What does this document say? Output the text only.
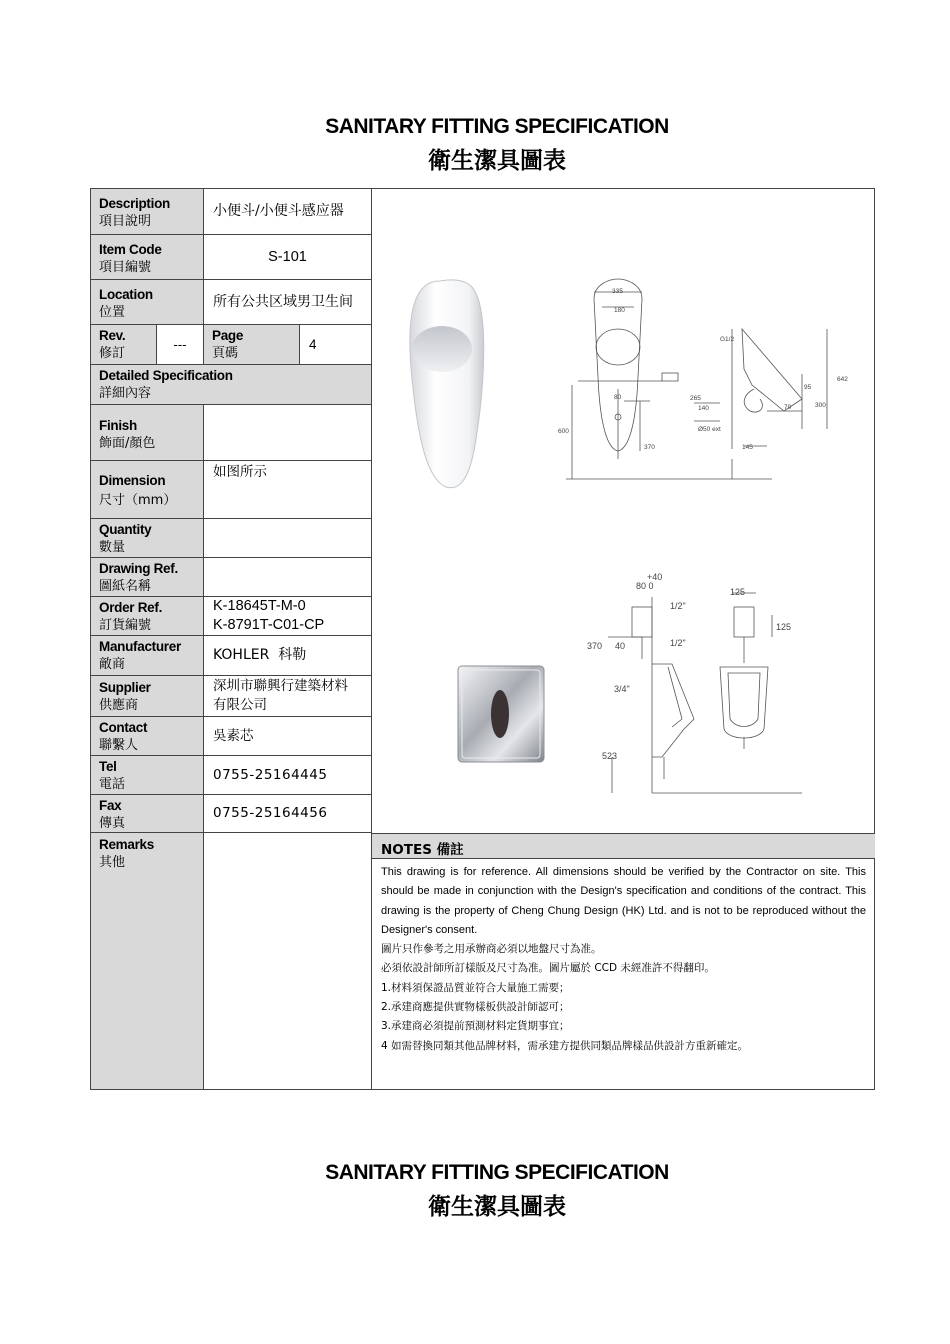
SANITARY FITTING SPECIFICATION
衛生潔具圖表
Description
項目說明
小便斗/小便斗感应器
Item Code
項目編號
S-101
Location
位置
所有公共区域男卫生间
Rev.
修訂
---
Page
頁碼
4
Detailed Specification
詳細內容
Finish
飾面/顏色
Dimension
尺寸（mm）
如图所示
Quantity
數量
Drawing Ref.
圖紙名稱
Order Ref.
訂貨編號
K-18645T-M-0
K-8791T-C01-CP
Manufacturer
敵商
KOHLER  科勒
Supplier
供應商
深圳市聯興行建築材料
有限公司
Contact
聯繫人
吳素芯
Tel
電話
0755-25164445
Fax
傳真
0755-25164456
Remarks
其他
335
180
G1/2
642
95
300
265
140	70
600
80
370
Ø50 ext
145
+40
80 0
1/2"
125
125
370 40	1/2"
3/4"
523
NOTES 備註
This drawing is for reference. All dimensions should be verified by the Contractor on site. This should be made in conjunction with the Design's specification and conditions of the contract. This drawing is the property of Cheng Chung Design (HK) Ltd. and is not to be reproduced without the Designer's consent.
圖片只作參考之用承辦商必須以地盤尺寸為准。
必須依設計師所訂樣版及尺寸為准。圖片屬於 CCD 未經准許不得翻印。
1.材料須保證品質並符合大量施工需要；
2.承建商應提供實物樣板供設計師認可；
3.承建商必須提前預測材料定貨期事宜；
4 如需替換同類其他品牌材料，需承建方提供同類品牌樣品供設計方重新確定。
SANITARY FITTING SPECIFICATION
衛生潔具圖表
